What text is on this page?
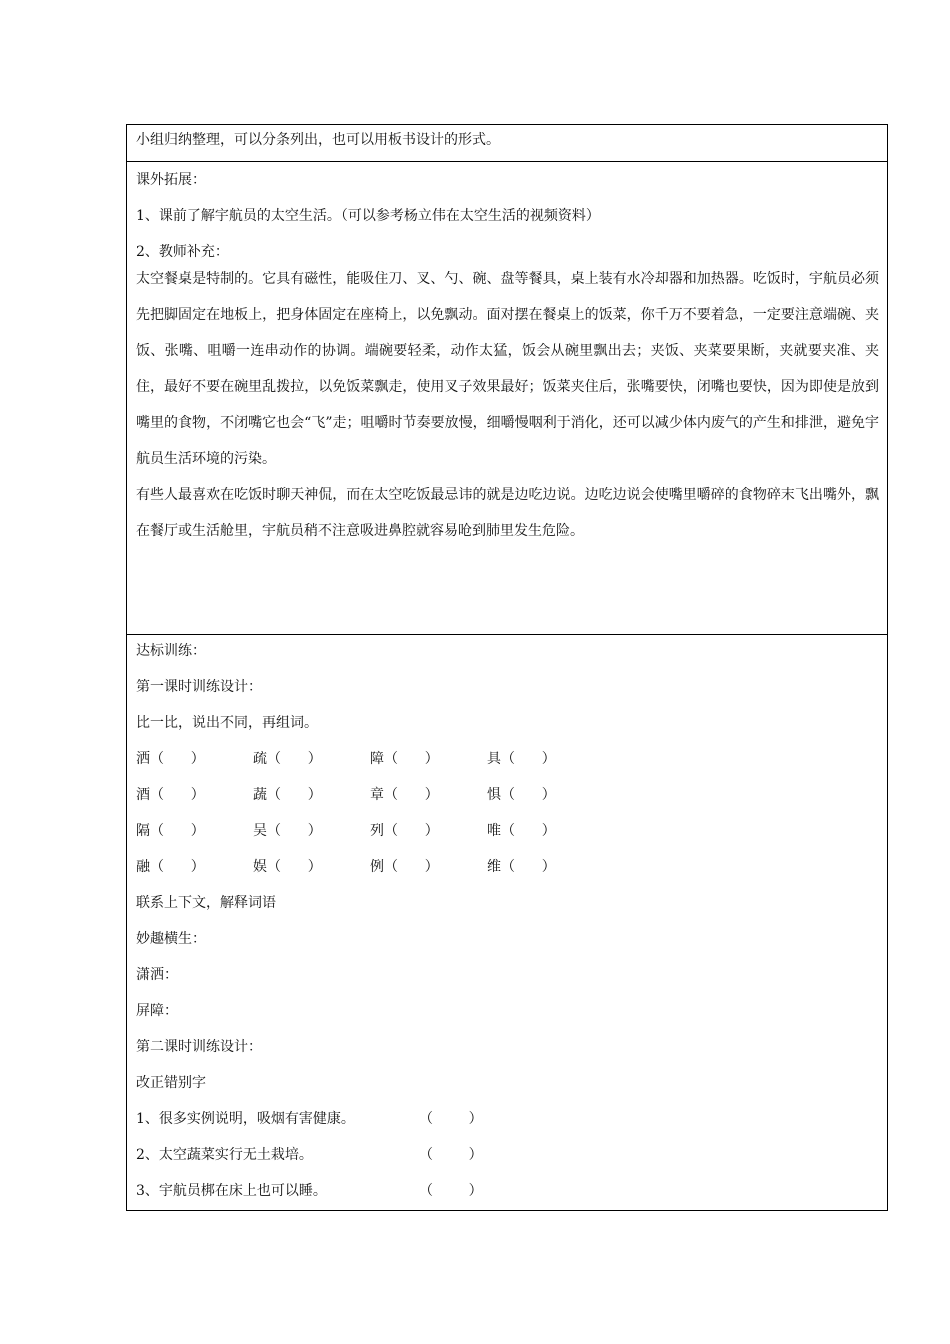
小组归纳整理，可以分条列出，也可以用板书设计的形式。
课外拓展：
1、课前了解宇航员的太空生活。（可以参考杨立伟在太空生活的视频资料）
2、教师补充：
太空餐桌是特制的。它具有磁性，能吸住刀、叉、勺、碗、盘等餐具，桌上装有水冷却器和加热器。吃饭时，宇航员必须先把脚固定在地板上，把身体固定在座椅上，以免飘动。面对摆在餐桌上的饭菜，你千万不要着急，一定要注意端碗、夹饭、张嘴、咀嚼一连串动作的协调。端碗要轻柔，动作太猛，饭会从碗里飘出去；夹饭、夹菜要果断，夹就要夹准、夹住，最好不要在碗里乱拨拉，以免饭菜飘走，使用叉子效果最好；饭菜夹住后，张嘴要快，闭嘴也要快，因为即使是放到嘴里的食物，不闭嘴它也会“飞”走；咀嚼时节奏要放慢，细嚼慢咽利于消化，还可以减少体内废气的产生和排泄，避免宇航员生活环境的污染。
有些人最喜欢在吃饭时聊天神侃，而在太空吃饭最忌讳的就是边吃边说。边吃边说会使嘴里嚼碎的食物碎末飞出嘴外，飘在餐厅或生活舱里，宇航员稍不注意吸进鼻腔就容易呛到肺里发生危险。
达标训练：
第一课时训练设计：
比一比，说出不同，再组词。
洒（      ）	疏（      ）	障（      ）	具（      ）
酒（      ）	蔬（      ）	章（      ）	惧（      ）
隔（      ）	吴（      ）	列（      ）	唯（      ）
融（      ）	娱（      ）	例（      ）	维（      ）
联系上下文，解释词语
妙趣横生：
潇洒：
屏障：
第二课时训练设计：
改正错别字
1、很多实例说明，吸烟有害健康。	（        ）
2、太空蔬菜实行无土栽培。	（        ）
3、宇航员梆在床上也可以睡。	（        ）
